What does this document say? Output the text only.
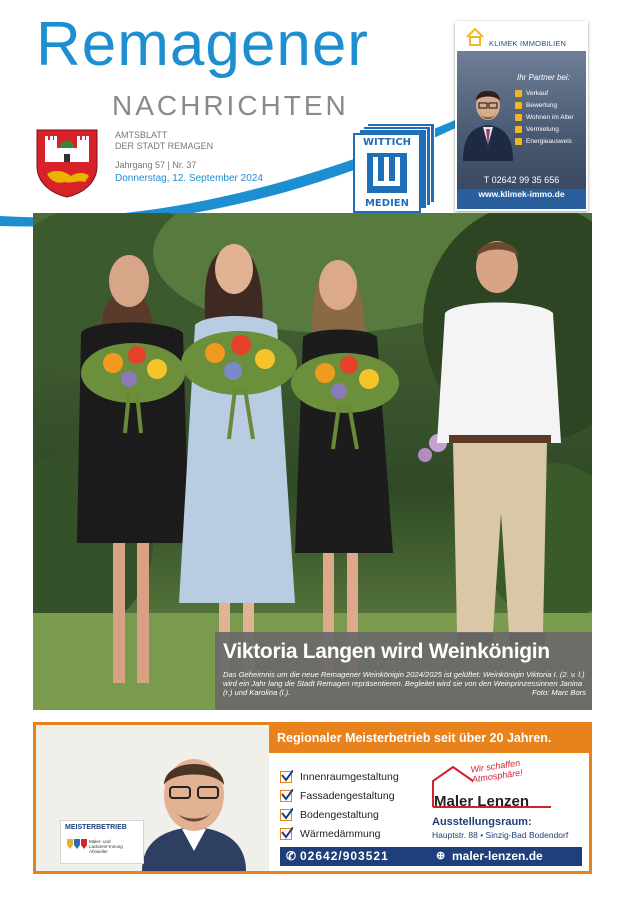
Remagener
NACHRICHTEN
AMTSBLATT
DER STADT REMAGEN
Jahrgang 57 | Nr. 37
Donnerstag, 12. September 2024
WITTICH
MEDIEN
KLIMEK IMMOBILIEN
Ihr Partner bei:
Verkauf
Bewertung
Wohnen im Alter
Vermietung
Energieausweis
T 02642 99 35 656
www.klimek-immo.de
Viktoria Langen wird Weinkönigin
Das Geheimnis um die neue Remagener Weinkönigin 2024/2025 ist gelüftet: Weinkönigin Viktoria I. (2. v. l.) wird ein Jahr lang die Stadt Remagen repräsentieren. Begleitet wird sie von den Weinprinzessinnen Janina (r.) und Karolina (l.).	Foto: Marc Bors
MEISTERBETRIEB
Maler- und
Lackierer-Innung
Ahrweiler
Regionaler Meisterbetrieb seit über 20 Jahren.
Innenraumgestaltung
Fassadengestaltung
Bodengestaltung
Wärmedämmung
Wir schaffen
Atmosphäre!
Maler Lenzen
Ausstellungsraum:
Hauptstr. 88 • Sinzig-Bad Bodendorf
✆ 02642/903521	⊕ maler-lenzen.de
